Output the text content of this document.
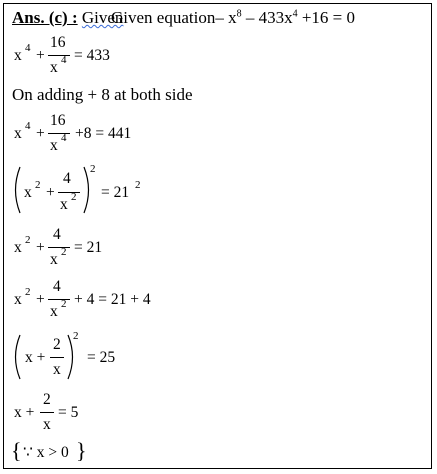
Ans. (c) : Given
Given equation– $x^8 - 433x^4 +16 = 0$
x 4 +
16
x 4 = 433
On adding + 8 at both side
x 4 +
16
x 4 +8 = 441
x 2 +
4
x 2
2
= 21 2
x 2 +
4
x 2 = 21
x 2 +
4
x 2 + 4 = 21 + 4
x +
2
x
2
= 25
x +
2
x
= 5
{ ∵ x > 0 }
